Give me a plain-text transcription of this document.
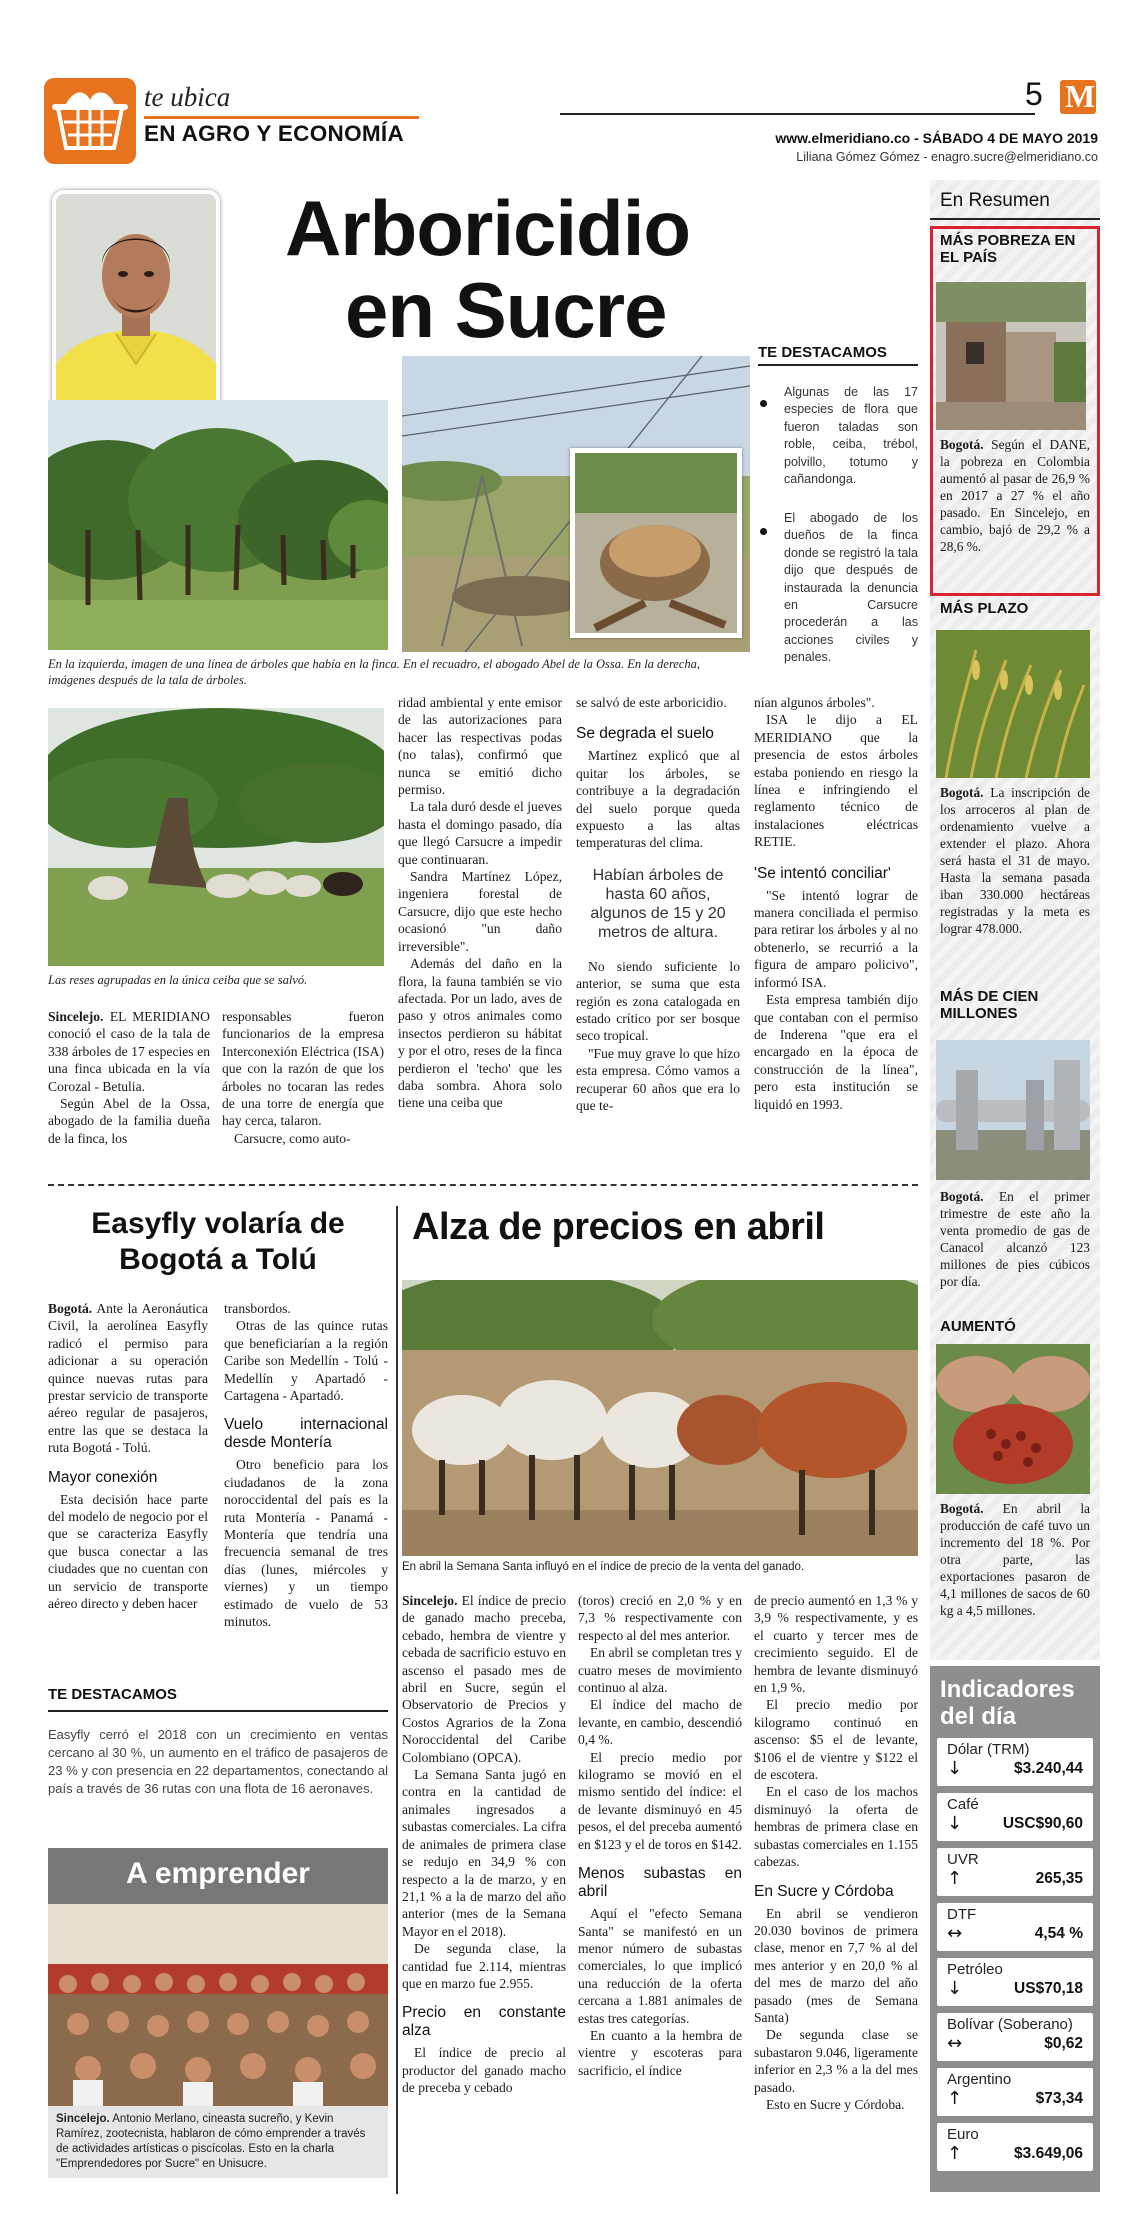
te ubica
EN AGRO Y ECONOMÍA
5 M
www.elmeridiano.co - SÁBADO 4 DE MAYO 2019
Liliana Gómez Gómez - enagro.sucre@elmeridiano.co
Arboricidio
en Sucre
En la izquierda, imagen de una línea de árboles que había en la finca. En el recuadro, el abogado Abel de la Ossa. En la derecha, imágenes después de la tala de árboles.
TE DESTACAMOS
Algunas de las 17 especies de flora que fueron taladas son roble, ceiba, trébol, polvillo, totumo y cañandonga.
El abogado de los dueños de la finca donde se registró la tala dijo que después de instaurada la denuncia en Carsucre procederán a las acciones civiles y penales.
Las reses agrupadas en la única ceiba que se salvó.

Sincelejo. EL MERIDIANO conoció el caso de la tala de 338 árboles de 17 especies en una finca ubicada en la vía Corozal - Betulia.

Según Abel de la Ossa, abogado de la familia dueña de la finca, los

responsables fueron funcionarios de la empresa Interconexión Eléctrica (ISA) que con la razón de que los árboles no tocaran las redes de una torre de energía que hay cerca, talaron.

Carsucre, como auto-

ridad ambiental y ente emisor de las autorizaciones para hacer las respectivas podas (no talas), confirmó que nunca se emitió dicho permiso.

La tala duró desde el jueves hasta el domingo pasado, día que llegó Carsucre a impedir que continuaran.

Sandra Martínez López, ingeniera forestal de Carsucre, dijo que este hecho ocasionó "un daño irreversible".

Además del daño en la flora, la fauna también se vio afectada. Por un lado, aves de paso y otros animales como insectos perdieron su hábitat y por el otro, reses de la finca perdieron el 'techo' que les daba sombra. Ahora solo tiene una ceiba que

se salvó de este arboricidio.

Se degrada el suelo

Martínez explicó que al quitar los árboles, se contribuye a la degradación del suelo porque queda expuesto a las altas temperaturas del clima.

Habían árboles de hasta 60 años, algunos de 15 y 20 metros de altura.

No siendo suficiente lo anterior, se suma que esta región es zona catalogada en estado crítico por ser bosque seco tropical.

"Fue muy grave lo que hizo esta empresa. Cómo vamos a recuperar 60 años que era lo que te-

nían algunos árboles".

ISA le dijo a EL MERIDIANO que la presencia de estos árboles estaba poniendo en riesgo la línea e infringiendo el reglamento técnico de instalaciones eléctricas RETIE.

'Se intentó conciliar'

"Se intentó lograr de manera conciliada el permiso para retirar los árboles y al no obtenerlo, se recurrió a la figura de amparo policivo", informó ISA.

Esta empresa también dijo que contaban con el permiso de Inderena "que era el encargado en la época de construcción de la línea", pero esta institución se liquidó en 1993.

Easyfly volaría de Bogotá a Tolú

Bogotá. Ante la Aeronáutica Civil, la aerolínea Easyfly radicó el permiso para adicionar a su operación quince nuevas rutas para prestar servicio de transporte aéreo regular de pasajeros, entre las que se destaca la ruta Bogotá - Tolú.

Mayor conexión

Esta decisión hace parte del modelo de negocio por el que se caracteriza Easyfly que busca conectar a las ciudades que no cuentan con un servicio de transporte aéreo directo y deben hacer

transbordos.

Otras de las quince rutas que beneficiarían a la región Caribe son Medellín - Tolú - Medellín y Apartadó - Cartagena - Apartadó.

Vuelo internacional desde Montería

Otro beneficio para los ciudadanos de la zona noroccidental del país es la ruta Montería - Panamá - Montería que tendría una frecuencia semanal de tres días (lunes, miércoles y viernes) y un tiempo estimado de vuelo de 53 minutos.

TE DESTACAMOS
Easyfly cerró el 2018 con un crecimiento en ventas cercano al 30 %, un aumento en el tráfico de pasajeros de 23 % y con presencia en 22 departamentos, conectando al país a través de 36 rutas con una flota de 16 aeronaves.
A emprender
Sincelejo. Antonio Merlano, cineasta sucreño, y Kevin Ramírez, zootecnista, hablaron de cómo emprender a través de actividades artísticas o piscícolas. Esto en la charla "Emprendedores por Sucre" en Unisucre.
Alza de precios en abril
En abril la Semana Santa influyó en el índice de precio de la venta del ganado.

Sincelejo. El índice de precio de ganado macho preceba, cebado, hembra de vientre y cebada de sacrificio estuvo en ascenso el pasado mes de abril en Sucre, según el Observatorio de Precios y Costos Agrarios de la Zona Noroccidental del Caribe Colombiano (OPCA).

La Semana Santa jugó en contra en la cantidad de animales ingresados a subastas comerciales. La cifra de animales de primera clase se redujo en 34,9 % con respecto a la de marzo, y en 21,1 % a la de marzo del año anterior (mes de la Semana Mayor en el 2018).

De segunda clase, la cantidad fue 2.114, mientras que en marzo fue 2.955.

Precio en constante alza

El índice de precio al productor del ganado macho de preceba y cebado

(toros) creció en 2,0 % y en 7,3 % respectivamente con respecto al del mes anterior.

En abril se completan tres y cuatro meses de movimiento continuo al alza.

El índice del macho de levante, en cambio, descendió 0,4 %.

El precio medio por kilogramo se movió en el mismo sentido del índice: el de levante disminuyó en 45 pesos, el del preceba aumentó en $123 y el de toros en $142.

Menos subastas en abril

Aquí el "efecto Semana Santa" se manifestó en un menor número de subastas comerciales, lo que implicó una reducción de la oferta cercana a 1.881 animales de estas tres categorías.

En cuanto a la hembra de vientre y escoteras para sacrificio, el índice

de precio aumentó en 1,3 % y 3,9 % respectivamente, y es el cuarto y tercer mes de crecimiento seguido. El de hembra de levante disminuyó en 1,9 %.

El precio medio por kilogramo continuó en ascenso: $5 el de levante, $106 el de vientre y $122 el de escotera.

En el caso de los machos disminuyó la oferta de hembras de primera clase en subastas comerciales en 1.155 cabezas.

En Sucre y Córdoba

En abril se vendieron 20.030 bovinos de primera clase, menor en 7,7 % al del mes anterior y en 20,0 % al del mes de marzo del año pasado (mes de Semana Santa)

De segunda clase se subastaron 9.046, ligeramente inferior en 2,3 % a la del mes pasado.

Esto en Sucre y Córdoba.

En Resumen
MÁS POBREZA EN EL PAÍS
Bogotá. Según el DANE, la pobreza en Colombia aumentó al pasar de 26,9 % en 2017 a 27 % el año pasado. En Sincelejo, en cambio, bajó de 29,2 % a 28,6 %.
MÁS PLAZO
Bogotá. La inscripción de los arroceros al plan de ordenamiento vuelve a extender el plazo. Ahora será hasta el 31 de mayo. Hasta la semana pasada iban 330.000 hectáreas registradas y la meta es lograr 478.000.
MÁS DE CIEN MILLONES
Bogotá. En el primer trimestre de este año la venta promedio de gas de Canacol alcanzó 123 millones de pies cúbicos por día.
AUMENTÓ
Bogotá. En abril la producción de café tuvo un incremento del 18 %. Por otra parte, las exportaciones pasaron de 4,1 millones de sacos de 60 kg a 4,5 millones.
Indicadores del día
Dólar (TRM)
↓	$3.240,44
Café
↓	USC$90,60
UVR
↑	265,35
DTF
↔	4,54 %
Petróleo
↓	US$70,18
Bolívar (Soberano)
↔	$0,62
Argentino
↑	$73,34
Euro
↑	$3.649,06
